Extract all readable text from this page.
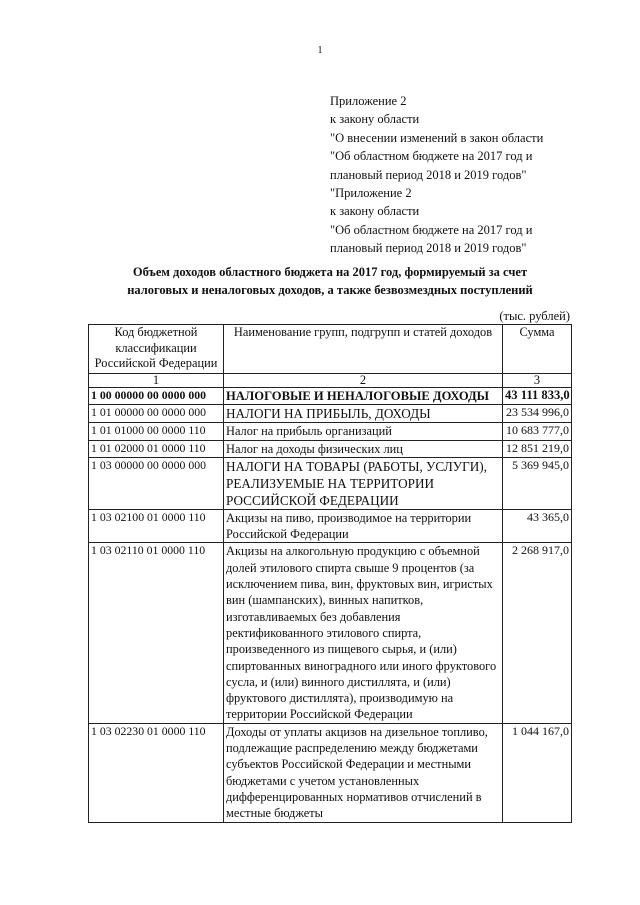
1
Приложение 2
к закону области
"О внесении изменений в закон области
"Об областном бюджете на 2017 год и
плановый период 2018 и 2019 годов"
"Приложение 2
к закону области
"Об областном бюджете на 2017 год и
плановый период 2018 и 2019 годов"
Объем доходов областного бюджета на 2017 год, формируемый за счет
налоговых и неналоговых доходов, а также безвозмездных поступлений
(тыс. рублей)
Код бюджетной классификации Российской Федерации	Наименование групп, подгрупп и статей доходов	Сумма
1	2	3
1 00 00000 00 0000 000	НАЛОГОВЫЕ И НЕНАЛОГОВЫЕ ДОХОДЫ	43 111 833,0
1 01 00000 00 0000 000	НАЛОГИ НА ПРИБЫЛЬ, ДОХОДЫ	23 534 996,0
1 01 01000 00 0000 110	Налог на прибыль организаций	10 683 777,0
1 01 02000 01 0000 110	Налог на доходы физических лиц	12 851 219,0
1 03 00000 00 0000 000	НАЛОГИ НА ТОВАРЫ (РАБОТЫ, УСЛУГИ), РЕАЛИЗУЕМЫЕ НА ТЕРРИТОРИИ РОССИЙСКОЙ ФЕДЕРАЦИИ	5 369 945,0
1 03 02100 01 0000 110	Акцизы на пиво, производимое на территории Российской Федерации	43 365,0
1 03 02110 01 0000 110	Акцизы на алкогольную продукцию с объемной долей этилового спирта свыше 9 процентов (за исключением пива, вин, фруктовых вин, игристых вин (шампанских), винных напитков, изготавливаемых без добавления ректификованного этилового спирта, произведенного из пищевого сырья, и (или) спиртованных виноградного или иного фруктового сусла, и (или) винного дистиллята, и (или) фруктового дистиллята), производимую на территории Российской Федерации	2 268 917,0
1 03 02230 01 0000 110	Доходы от уплаты акцизов на дизельное топливо, подлежащие распределению между бюджетами субъектов Российской Федерации и местными бюджетами с учетом установленных дифференцированных нормативов отчислений в местные бюджеты	1 044 167,0
